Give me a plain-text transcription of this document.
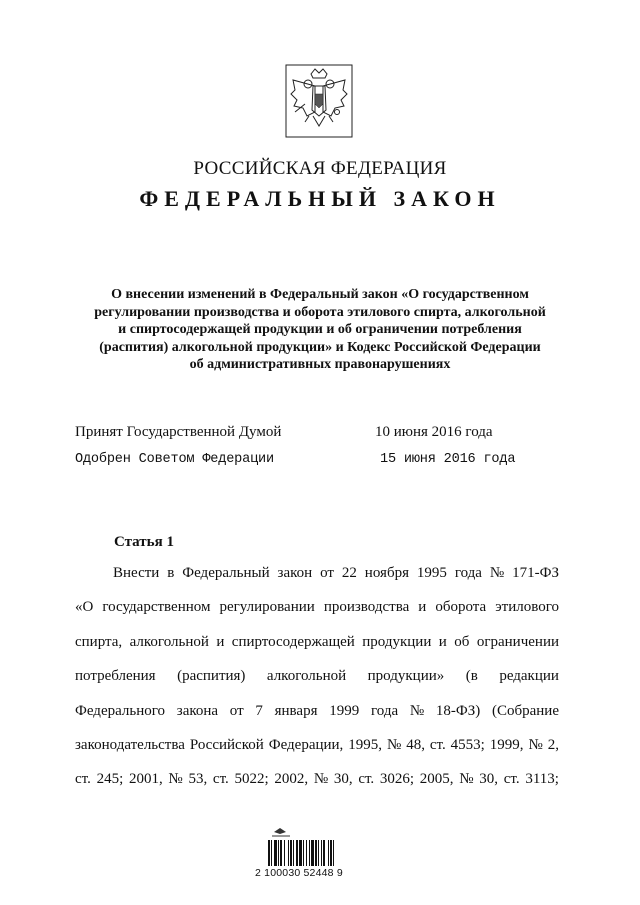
РОССИЙСКАЯ ФЕДЕРАЦИЯ
ФЕДЕРАЛЬНЫЙ ЗАКОН
О внесении изменений в Федеральный закон «О государственном
регулировании производства и оборота этилового спирта, алкогольной
и спиртосодержащей продукции и об ограничении потребления
(распития) алкогольной продукции» и Кодекс Российской Федерации
об административных правонарушениях
Принят Государственной Думой	10 июня 2016 года
Одобрен Советом Федерации	15 июня 2016 года
Статья 1
Внести в Федеральный закон от 22 ноября 1995 года № 171-ФЗ
«О государственном регулировании производства и оборота этилового
спирта, алкогольной и спиртосодержащей продукции и об ограничении
потребления (распития) алкогольной продукции» (в редакции
Федерального закона от 7 января 1999 года № 18-ФЗ) (Собрание
законодательства Российской Федерации, 1995, № 48, ст. 4553; 1999, № 2,
ст. 245; 2001, № 53, ст. 5022; 2002, № 30, ст. 3026; 2005, № 30, ст. 3113;
2 100030 52448 9
